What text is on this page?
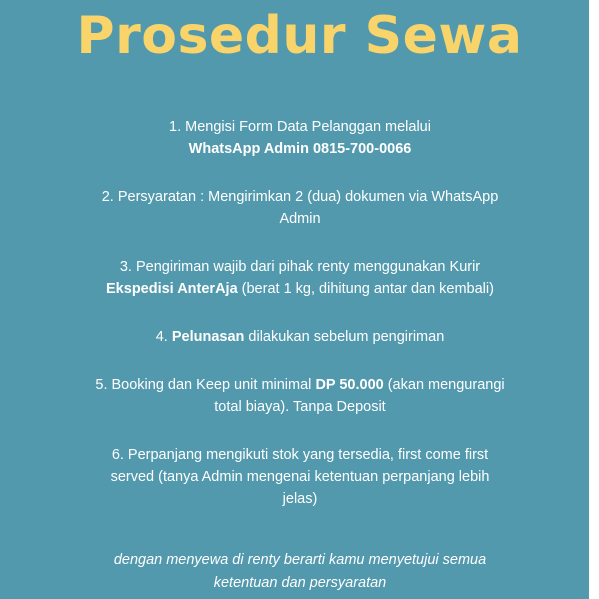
Prosedur Sewa
1. Mengisi Form Data Pelanggan melalui
WhatsApp Admin 0815-700-0066
2. Persyaratan : Mengirimkan 2 (dua) dokumen via WhatsApp
Admin
3. Pengiriman wajib dari pihak renty menggunakan Kurir
Ekspedisi AnterAja (berat 1 kg, dihitung antar dan kembali)
4. Pelunasan dilakukan sebelum pengiriman
5. Booking dan Keep unit minimal DP 50.000 (akan mengurangi
total biaya). Tanpa Deposit
6. Perpanjang mengikuti stok yang tersedia, first come first
served (tanya Admin mengenai ketentuan perpanjang lebih
jelas)

dengan menyewa di renty berarti kamu menyetujui semua
ketentuan dan persyaratan
